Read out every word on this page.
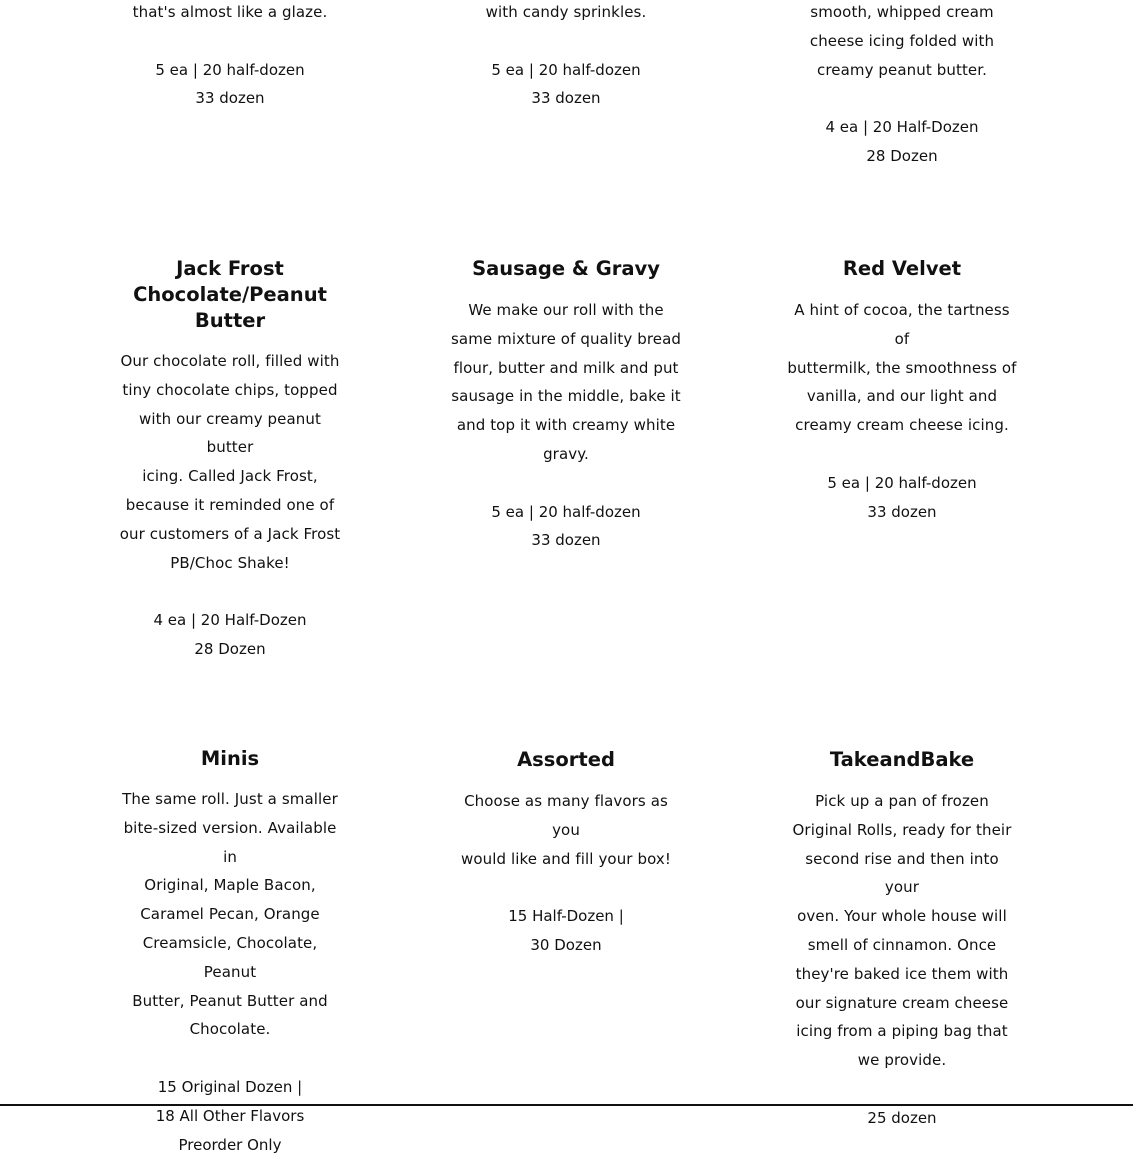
that's almost like a glaze.

5 ea | 20 half-dozen
33 dozen

with candy sprinkles.

5 ea | 20 half-dozen
33 dozen

smooth, whipped cream
cheese icing folded with
creamy peanut butter.

4 ea | 20 Half-Dozen
28 Dozen

Jack Frost
Chocolate/Peanut
Butter

Our chocolate roll, filled with
tiny chocolate chips, topped
with our creamy peanut butter
icing. Called Jack Frost,
because it reminded one of
our customers of a Jack Frost
PB/Choc Shake!

4 ea | 20 Half-Dozen
28 Dozen

Sausage & Gravy

We make our roll with the
same mixture of quality bread
flour, butter and milk and put
sausage in the middle, bake it
and top it with creamy white
gravy.

5 ea | 20 half-dozen
33 dozen

Red Velvet

A hint of cocoa, the tartness of
buttermilk, the smoothness of
vanilla, and our light and
creamy cream cheese icing.

5 ea | 20 half-dozen
33 dozen

Minis

The same roll. Just a smaller
bite-sized version. Available in
Original, Maple Bacon,
Caramel Pecan, Orange
Creamsicle, Chocolate, Peanut
Butter, Peanut Butter and
Chocolate.

15 Original Dozen |
18 All Other Flavors
Preorder Only

Assorted

Choose as many flavors as you
would like and fill your box!

15 Half-Dozen |
30 Dozen

TakeandBake

Pick up a pan of frozen
Original Rolls, ready for their
second rise and then into your
oven. Your whole house will
smell of cinnamon. Once
they're baked ice them with
our signature cream cheese
icing from a piping bag that
we provide.

25 dozen
